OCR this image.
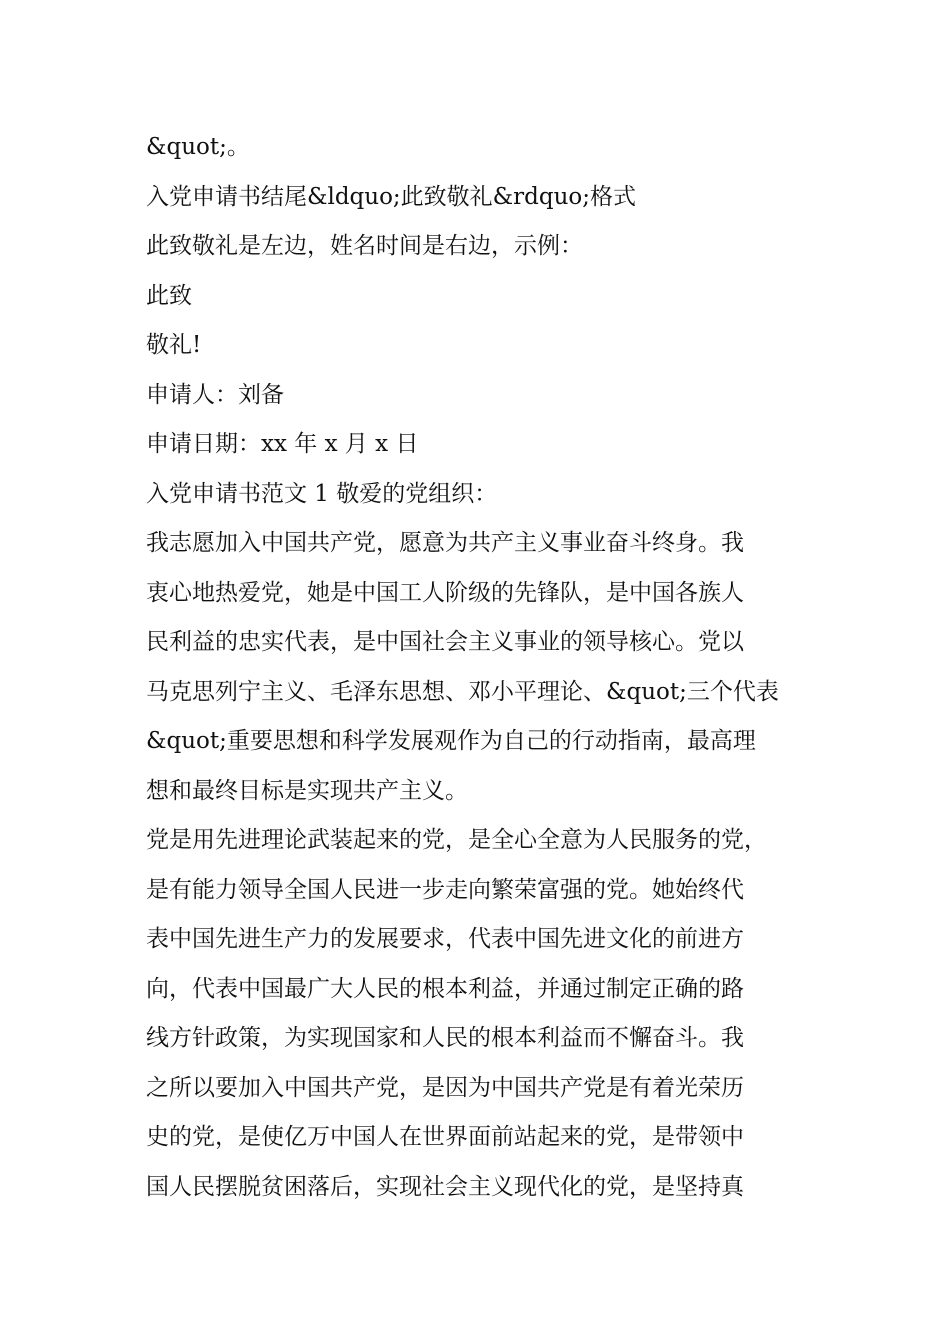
&quot;。
入党申请书结尾&ldquo;此致敬礼&rdquo;格式
此致敬礼是左边，姓名时间是右边，示例：
此致
敬礼!
申请人：刘备
申请日期：xx 年 x 月 x 日
入党申请书范文 1 敬爱的党组织：
我志愿加入中国共产党，愿意为共产主义事业奋斗终身。我
衷心地热爱党，她是中国工人阶级的先锋队，是中国各族人
民利益的忠实代表，是中国社会主义事业的领导核心。党以
马克思列宁主义、毛泽东思想、邓小平理论、&quot;三个代表
&quot;重要思想和科学发展观作为自己的行动指南，最高理
想和最终目标是实现共产主义。
党是用先进理论武装起来的党，是全心全意为人民服务的党，
是有能力领导全国人民进一步走向繁荣富强的党。她始终代
表中国先进生产力的发展要求，代表中国先进文化的前进方
向，代表中国最广大人民的根本利益，并通过制定正确的路
线方针政策，为实现国家和人民的根本利益而不懈奋斗。我
之所以要加入中国共产党，是因为中国共产党是有着光荣历
史的党，是使亿万中国人在世界面前站起来的党，是带领中
国人民摆脱贫困落后，实现社会主义现代化的党，是坚持真
